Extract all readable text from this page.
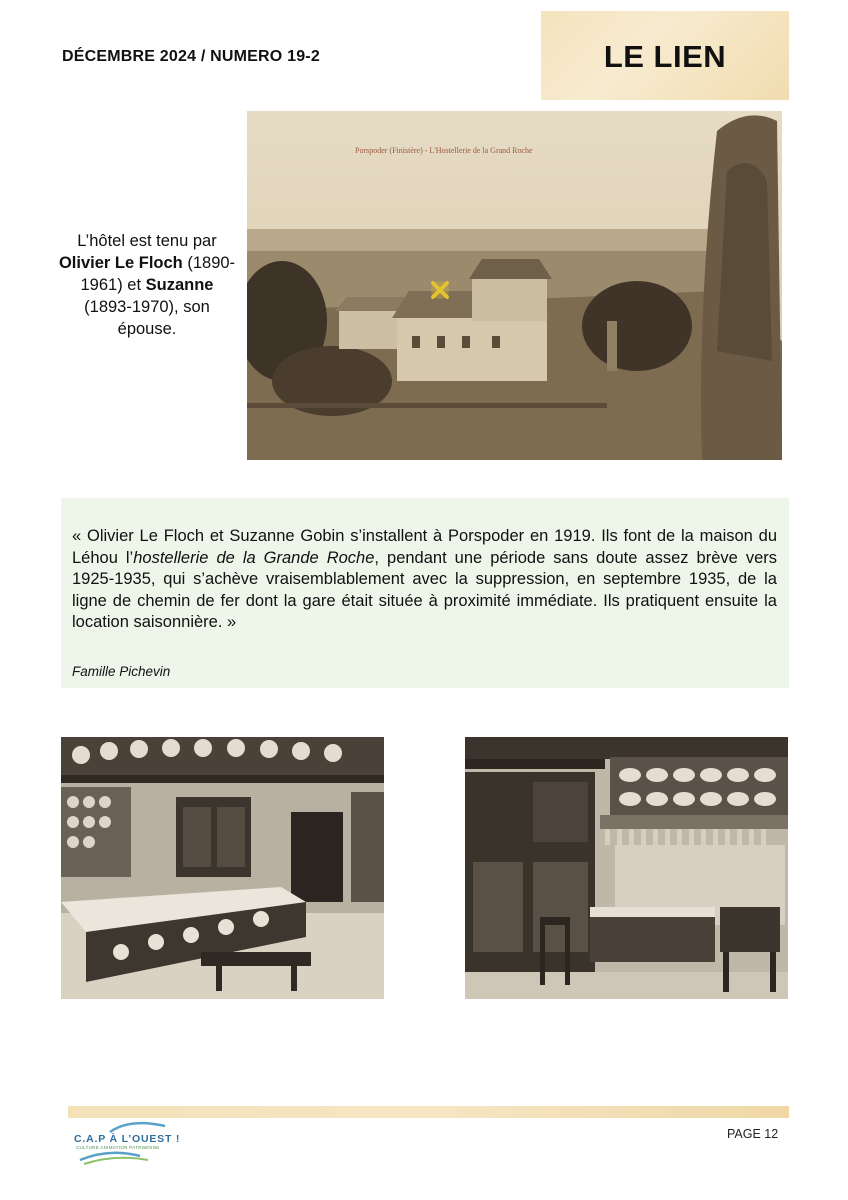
DÉCEMBRE 2024 / NUMERO 19-2	LE LIEN
Porspoder (Finistère) - L'Hostellerie de la Grand Roche
L’hôtel est tenu par
Olivier Le Floch (1890-1961) et Suzanne (1893-1970), son épouse.
« Olivier Le Floch et Suzanne Gobin s’installent à Porspoder en 1919. Ils font de la maison du Léhou l’hostellerie de la Grande Roche, pendant une période sans doute assez brève vers 1925-1935, qui s’achève vraisemblablement avec la suppression, en septembre 1935, de la ligne de chemin de fer dont la gare était située à proximité immédiate. Ils pratiquent ensuite la location saisonnière. »
Famille Pichevin
C.A.P À L’OUEST !
CULTURE ANIMATION PATRIMOINE
PAGE 12
